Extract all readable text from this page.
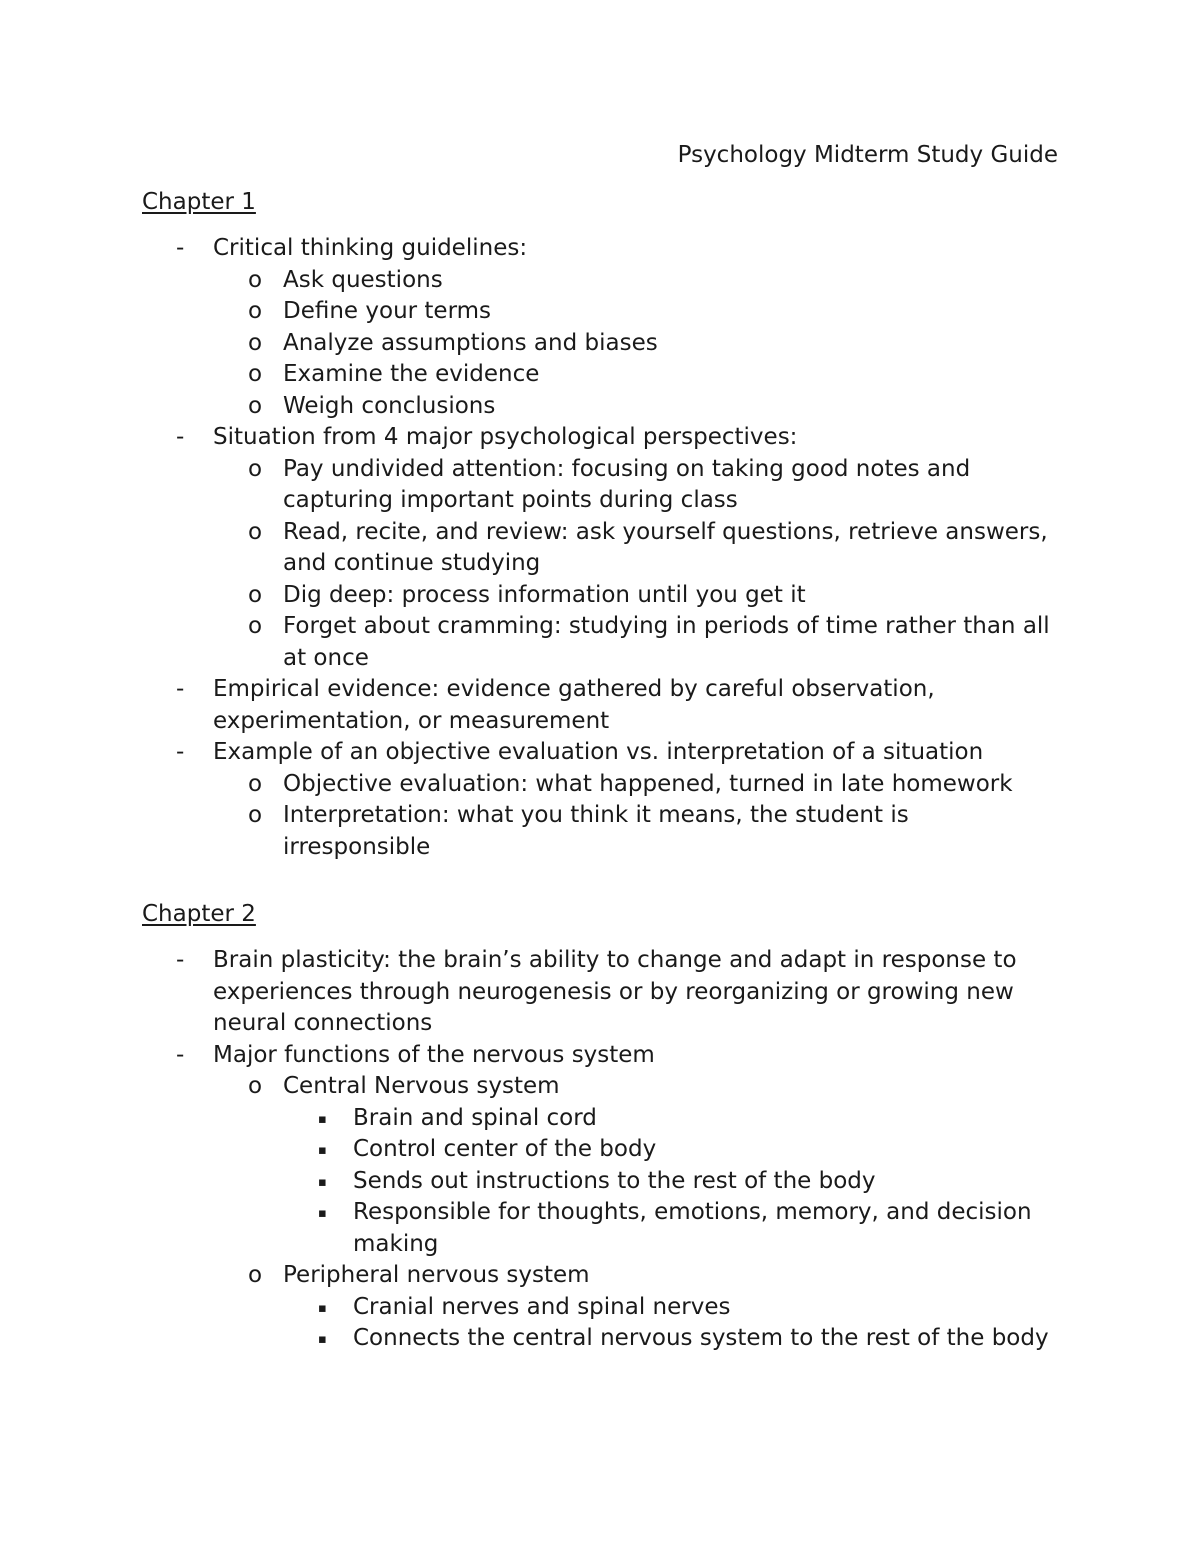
Psychology Midterm Study Guide
Chapter 1
- Critical thinking guidelines:
o Ask questions
o Define your terms
o Analyze assumptions and biases
o Examine the evidence
o Weigh conclusions
- Situation from 4 major psychological perspectives:
o Pay undivided attention: focusing on taking good notes and capturing important points during class
o Read, recite, and review: ask yourself questions, retrieve answers, and continue studying
o Dig deep: process information until you get it
o Forget about cramming: studying in periods of time rather than all at once
- Empirical evidence: evidence gathered by careful observation, experimentation, or measurement
- Example of an objective evaluation vs. interpretation of a situation
o Objective evaluation: what happened, turned in late homework
o Interpretation: what you think it means, the student is irresponsible
Chapter 2
- Brain plasticity: the brain’s ability to change and adapt in response to experiences through neurogenesis or by reorganizing or growing new neural connections
- Major functions of the nervous system
o Central Nervous system
▪ Brain and spinal cord
▪ Control center of the body
▪ Sends out instructions to the rest of the body
▪ Responsible for thoughts, emotions, memory, and decision making
o Peripheral nervous system
▪ Cranial nerves and spinal nerves
▪ Connects the central nervous system to the rest of the body
